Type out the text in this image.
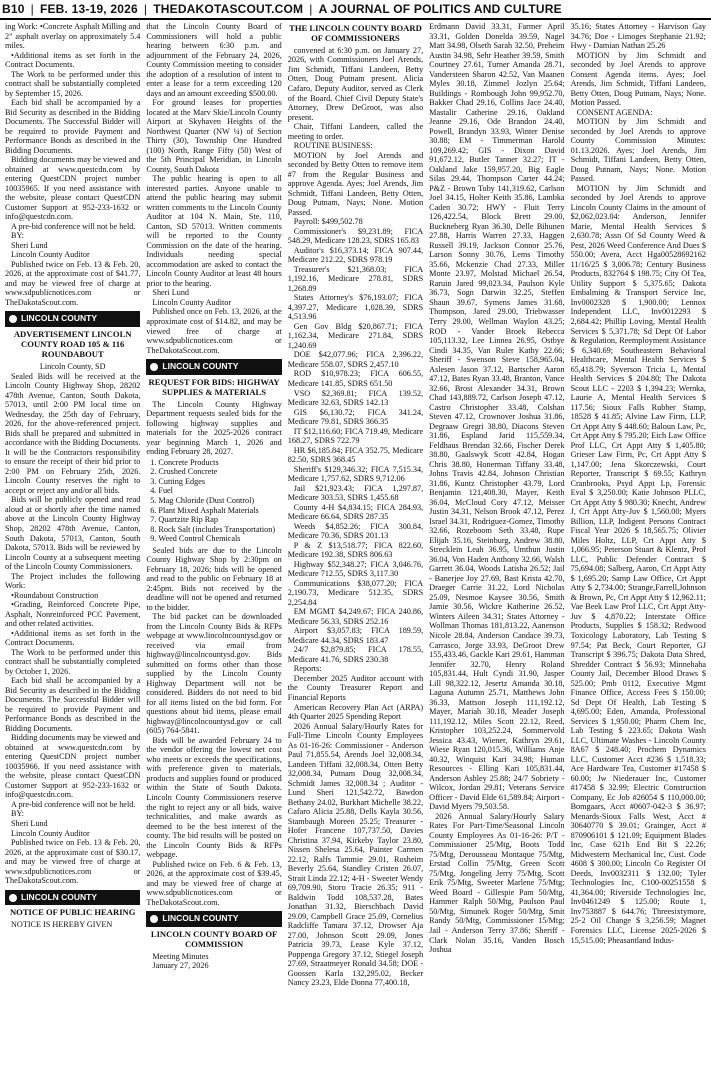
B10 | FEB. 13-19, 2026 | THEDAKOTASCOUT.COM | A JOURNAL OF POLITICS AND CULTURE

ing Work: •Concrete Asphalt Milling and 2" asphalt overlay on approximately 5.4 miles.

•Additional items as set forth in the Contract Documents.

The Work to be performed under this contract shall be substantially completed by September 15, 2026.

Each bid shall be accompanied by a Bid Security as described in the Bidding Documents. The Successful Bidder will be required to provide Payment and Performance Bonds as described in the Bidding Documents.

Bidding documents may be viewed and obtained at www.questcdn.com by entering QuestCDN project number 10035965. If you need assistance with the website, please contact QuestCDN Customer Support at 952-233-1632 or info@questcdn.com.

A pre-bid conference will not be held.

BY:

Sheri Lund

Lincoln County Auditor

Published twice on Feb. 13 & Feb. 20, 2026, at the approximate cost of $41.77, and may be viewed free of charge at www.sdpublicnotices.com or TheDakotaScout.com.

LINCOLN COUNTY
ADVERTISEMENT LINCOLN COUNTY ROAD 105 & 116 ROUNDABOUT

Lincoln County, SD

Sealed Bids will be received at the Lincoln County Highway Shop, 28202 478th Avenue, Canton, South Dakota, 57013, until 2:00 PM local time on Wednesday, the 25th day of February, 2026, for the above-referenced project. Bids shall be prepared and submitted in accordance with the Bidding Documents. It will be the Contractors responsibility to ensure the receipt of their bid prior to 2:00 PM on February 25th, 2026. Lincoln County reserves the right to accept or reject any and/or all bids.

Bids will be publicly opened and read aloud at or shortly after the time named above at the Lincoln County Highway Shop, 28202 478th Avenue, Canton, South Dakota, 57013, Canton, South Dakota, 57013. Bids will be reviewed by Lincoln County at a subsequent meeting of the Lincoln County Commissioners.

The Project includes the following Work:

•Roundabout Construction

•Grading, Reinforced Concrete Pipe, Asphalt, Nonreinforced PCC Pavement, and other related activities.

•Additional items as set forth in the Contract Documents.

The Work to be performed under this contract shall be substantially completed by October 1, 2026.

Each bid shall be accompanied by a Bid Security as described in the Bidding Documents. The Successful Bidder will be required to provide Payment and Performance Bonds as described in the Bidding Documents.

Bidding documents may be viewed and obtained at www.questcdn.com by entering QuestCDN project number 10035966. If you need assistance with the website, please contact QuestCDN Customer Support at 952-233-1632 or info@questcdn.com.

A pre-bid conference will not be held.

BY:

Sheri Lund

Lincoln County Auditor

Published twice on Feb. 13 & Feb. 20, 2026, at the approximate cost of $30.17, and may be viewed free of charge at www.sdpublicnotices.com or TheDakotaScout.com.

LINCOLN COUNTY
NOTICE OF PUBLIC HEARING

NOTICE IS HEREBY GIVEN

that the Lincoln County Board of Commissioners will hold a public hearing between 6:30 p.m. and adjournment of the February 24, 2026, County Commission meeting to consider the adoption of a resolution of intent to enter a lease for a term exceeding 120 days and an amount exceeding $500.00.

For ground leases for properties located at the Marv Skie/Lincoln County Airport at Skyhaven Heights of the Northwest Quarter (NW ¼) of Section Thirty (30), Township One Hundred (100) North, Range Fifty (50) West of the 5th Principal Meridian, in Lincoln County, South Dakota

The public hearing is open to all interested parties. Anyone unable to attend the public hearing may submit written comments to the Lincoln County Auditor at 104 N. Main, Ste. 110, Canton, SD 57013. Written comments will be reported to the County Commission on the date of the hearing. Individuals needing special accommodation are asked to contact the Lincoln County Auditor at least 48 hours prior to the hearing.

Sheri Lund

Lincoln County Auditor

Published once on Feb. 13, 2026, at the approximate cost of $14.82, and may be viewed free of charge at www.sdpublicnotices.com or TheDakotaScout.com.

LINCOLN COUNTY
REQUEST FOR BIDS: HIGHWAY SUPPLIES & MATERIALS

The Lincoln County Highway Department requests sealed bids for the following highway supplies and materials for the 2025-2026 contract year beginning March 1, 2026 and ending February 28, 2027.

1. Concrete Products
2. Crushed Concrete
3. Cutting Edges
4. Fuel
5. Mag Chloride (Dust Control)
6. Plant Mixed Asphalt Materials
7. Quartzite Rip Rap
8. Rock Salt (includes Transportation)
9. Weed Control Chemicals

Sealed bids are due to the Lincoln County Highway Shop by 2:30pm on February 18, 2026; bids will be opened and read to the public on February 18 at 2:45pm. Bids not received by the deadline will not be opened and returned to the bidder.

The bid packet can be downloaded from the Lincoln County Bids & RFPs webpage at www.lincolncountysd.gov or received via email from highway@lincolncountysd.gov. Bids submitted on forms other than those supplied by the Lincoln County Highway Department will not be considered. Bidders do not need to bid for all items listed on the bid form. For questions about bid items, please email highway@lincolncountysd.gov or call (605) 764-5841.

Bids will be awarded February 24 to the vendor offering the lowest net cost who meets or exceeds the specifications, with preference given to materials, products and supplies found or produced within the State of South Dakota. Lincoln County Commissioners reserve the right to reject any or all bids, waive technicalities, and make awards as deemed to be the best interest of the county. The bid results will be posted on the Lincoln County Bids & RFPs webpage.

Published twice on Feb. 6 & Feb. 13, 2026, at the approximate cost of $39.45, and may be viewed free of charge at www.sdpublicnotices.com or TheDakotaScout.com.

LINCOLN COUNTY
LINCOLN COUNTY BOARD OF COMMISSION

Meeting Minutes

January 27, 2026

THE LINCOLN COUNTY BOARD OF COMMISSIONERS

convened at 6:30 p.m. on January 27, 2026, with Commissioners Joel Arends, Jim Schmidt, Tiffani Landeen, Betty Otten, Doug Putnam present. Alicia Cafaro, Deputy Auditor, served as Clerk of the Board. Chief Civil Deputy State's Attorney, Drew DeGroot, was also present.

Chair, Tiffani Landeen, called the meeting to order.

ROUTINE BUSINESS:

MOTION by Joel Arends and seconded by Betty Otten to remove item #7 from the Regular Business and approve Agenda. Ayes; Joel Arends, Jim Schmidt, Tiffani Landeen, Betty Otten, Doug Putnam, Nays; None. Motion Passed.

Payroll: $499,502.78

Commissioner's $9,231.89; FICA 548.29, Medicare 128.23, SDRS 165.83

Auditor's $16,373.14; FICA 907.44, Medicare 212.22, SDRS 978.19

Treasurer's $21,368.03; FICA 1,192.16, Medicare 278.81, SDRS 1,268.89

States Attorney's $76,193.07; FICA 4,397.27, Medicare 1,028.39, SDRS 4,513.96

Gen Gov Bldg $20,867.71; FICA 1,162.34, Medicare 271.84, SDRS 1,240.69

DOE $42,077.96; FICA 2,396.22, Medicare 558.07, SDRS 2,457.10

ROD $10,978.23; FICA 606.55, Medicare 141.85, SDRS 651.50

VSO $2,369.81; FICA 139.52, Medicare 32.63, SDRS 142.13

GIS $6,130.72; FICA 341.24, Medicare 79.81, SDRS 366.35

IT $12,116.60; FICA 719.49, Medicare 168.27, SDRS 722.79

HR $6,185.84; FICA 352.75, Medicare 82.50, SDRS 368.45

Sheriff's $129,346.32; FICA 7,515.34, Medicare 1,757.62, SDRS 9,712.06

Jail $21,923.43; FICA 1,297.87, Medicare 303.53, SDRS 1,455.68

County 4-H $4,834.15; FICA 284.93, Medicare 66.64, SDRS 287.35

Weeds $4,852.26; FICA 300.84, Medicare 70.36, SDRS 201.13

P & Z $13,518.77; FICA 822.60, Medicare 192.38, SDRS 806.63

Highway $52,348.27; FICA 3,046.76, Medicare 712.55, SDRS 3,117.30

Communications $38,077.20; FICA 2,190.73, Medicare 512.35, SDRS 2,254.84

EM MGMT $4,249.67; FICA 240.86, Medicare 56.33, SDRS 252.16

Airport $3,057.83; FICA 189.59, Medicare 44.34, SDRS 183.47

24/7 $2,879.85; FICA 178.55, Medicare 41.76, SDRS 230.38

Reports:

December 2025 Auditor account with the County Treasurer Report and Financial Reports

American Recovery Plan Act (ARPA) 4th Quarter 2025 Spending Report

2026 Annual Salary/Hourly Rates for Full-Time Lincoln County Employees As 01-16-26: Commissioner - Anderson Paul 71,855.54, Arends Joel 32,008.34, Landeen Tiffani 32,008.34, Otten Betty 32,008.34, Putnam Doug 32,008.34, Schmidt James 32,008.34 ; Auditor - Lund Sheri 121,542.72, Bawdon Bethany 24.02, Burkhart Michelle 38.22, Cafaro Alicia 25.88, Dells Kayla 30.56, Stambaugh Moreen 25.25; Treasurer - Hofer Francene 107,737.50, Davies Christina 37.94, Kirkeby Taylor 23.80, Nissen Shelesa 25.64, Painter Carmen 22.12, Ralfs Tammie 29.01, Rosheim Beverly 25.64, Standley Cristen 26.07, Strait Linda 22.12; 4-H - Sweeter Wendy 69,709.90, Storo Tracie 26.35; 911 - Baldwin Todd 108,537.28, Bates Jonathan 31.32, Bierschbach David 29.09, Campbell Grace 25.09, Cornelius Radcliffe Tamara 37.12, Drowser Aja 27.00, Johnson Scott 29.09, Jones Patricia 39.73, Lease Kyle 37.12, Poppenga Gregory 37.12, Stiegel Joseph 27.69, Straatmeyer Ronald 34.58; DOE - Goossen Karla 132,295.02, Becker Nancy 23.23, Elde Donna 77,400.18,

Erdmann David 33.31, Farmer April 33.31, Golden Donelda 39.59, Nagel Matt 34.98, Olseth Sarah 32.50, Preheim Austin 34.98, Sehr Heather 39.59, Smith Courtney 27.61, Turner Amanda 28.71, Vandersteen Sharon 42.52, Van Maanen Myles 30.18, Zimmel Jozlyn 25.64; Buildings - Rombough John 99,952.70, Bakker Chad 29.16, Collins Jace 24.40, Mastalir Catherine 29.16, Oakland Jeanne 29.16, Ode Brandon 24.40, Powell, Brandyn 33.93, Winter Denise 30.88; EM - Timmerman Harold 109,269.42; GIS - Dixon David 91,672.12, Butler Tanner 32.27; IT - Oakland Jake 159,957.20, Big Eagle Silas 29.44, Thompson Carter 44.24; P&Z - Brown Toby 141,319.62, Carlson Joel 34.15, Holter Keith 35.86, Lambka Caden 30.72; HWY - Fluit Terry 126,422.54, Block Brett 29.00, Buckneberg Ryan 36.30, Delle Bihunen 27.88, Harris Warren 27.33, Haggen Russell 39.19, Jackson Connor 25.76, Larson Sonny 30.76, Lems Timothy 35.66, Mckenzie Chad 27.33, Miller Monte 23.97, Molstad Michael 26.54, Raruin Jared 99,023.34, Paulson Kyle 36.73, Sogn Darwin 32.25, Steffen Shaun 39.67, Symens James 31.68, Thompson, Jared 29.00, Triebwasser Terry 29.00, Wellman Waylon 43.25; ROD - Vander Broek Rebecca 105,113.32, Lee Linnea 26.95, Ostbye Cindi 34.35, Van Ruler Kathy 22.66; Sheriff - Swenson Steve 158,965.04, Aslesen Jason 37.12, Bartscher Aaron 47.12, Bates Ryan 33.48, Branton, Vance 32.66, Brost Alexander 34.31, Brown Chad 143,889.72, Carlson Joseph 47.12, Castro Christopher 33.48, Colshan Steven 47.12, Crownover Joshua 31.86, Degraaw Gregri 38.80, Diacons Steven 31.86, Espland Jarid 115,559.34, Feldhaus Brendan 32.66, Fischer Derek 38.80, Gaalswyk Scott 42.84, Hogan Chris 38.80, Honerman Tiffany 33.48, Johns Travis 42.84, Johnson Christian 31.86, Kuntz Christopher 43.79, Lord Benjamin 121,408.30, Mayer, Keith 36.04, McCloud Cory 47.12, Meisser Justin 34.31, Nelson Brook 47.12, Perez Israel 34.31, Rodriguez-Gomez, Timothy 32.66, Rozeboom Seth 33.48, Rupe Elijah 35.16, Steinburg, Andrew 38.80, Strecklein Leah 36.95, Umthun Justin 36.04, Von Haden Anthony 32.66, Walsh Garrett 36.04, Woods Latisha 26.52; Jail - Banerjee Joy 27.69, Bast Krista 42.70, Draeger Carrie 31.22, Lord Nicholas 25.09, Nesmoe Kaysee 30.56, Smith Jamie 30.56, Wickre Katherine 26.52, Winters Aileen 34.31; States Attorney - Wollman Thomas 181,813.22, Aanenson Nicole 28.84, Anderson Candace 39.73, Carrasco, Jorge 33.93, DeGroot Drew 155,433.46, Gackle Kari 29.61, Hamman Jennifer 32.70, Henry Roland 105,831.44, Hult Cyndi 31.90, Jasper Lill 98,322.12, Jesertz Amanda 30.18, Laguna Autumn 25.71, Matthews John 36.33, Mattson Joseph 111,192.12, Mayer, Mariah 30.18, Meader Joseph 111,192.12, Miles Scott 22.12, Reed, Kristopher 103,252.24, Sommervold Jessica 43.43, Wiener, Kathryn 29.61, Wiese Ryan 120,015.36, Williams Anje 40.32, Winquist Kari 34.98; Human Resources - Elling Kari 105,831.44, Anderson Ashley 25.88; 24/7 Sobriety - Wilcox, Jordan 29.81; Veterans Service Officer - David Elde 61,589.84; Airport - David Myers 79,503.58.

2026 Annual Salary/Hourly Salary Rates For Part-Time/Seasonal Lincoln County Employees As 01-16-26: P/T - Commissioner 25/Mtg, Boots Todd 75/Mtg, Derousseau Montaque 75/Mtg, Erstad Collin 75/Mtg, Green Scott 75/Mtg, Jongeling Jerry 75/Mtg, Scott Erik 75/Mtg, Sweeter Marlene 75/Mtg; Weed Board - Gillespie Pam 50/Mtg, Hammer Ralph 50/Mtg, Paulson Paul 50/Mtg, Simunek Roger 50/Mtg, Smit Randy 50/Mtg, Commissioner 15/Mtg; Jail - Anderson Terry 37.86; Sheriff - Clark Nolan 35.16, Vanden Bosch Joshua

35.16; States Attorney - Harvison Gay 34.76; Doe - Limoges Stephanie 21.92; Hwy - Damian Nathan 25.26

MOTION by Jim Schmidt and seconded by Joel Arends to approve Consent Agenda items. Ayes; Joel Arends, Jim Schmidt, Tiffani Landeen, Betty Otten, Doug Putnam, Nays; None. Motion Passed.

CONSENT AGENDA:

MOTION by Jim Schmidt and seconded by Joel Arends to approve County Commission Minutes: 01.13.2026. Ayes; Joel Arends, Jim Schmidt, Tiffani Landeen, Betty Otten, Doug Putnam, Nays; None. Motion Passed.

MOTION by Jim Schmidt and seconded by Joel Arends to approve Lincoln County Claims in the amount of $2,062,023.04: Anderson, Jennifer Marie, Mental Health Services $ 2,630.78; Assn Of Sd County Weed & Pest, 2026 Weed Conference And Dues $ 550.00; Avera, Acct Hga00528692162 11/16/25 $ 3,006.78; Century Business Products, 832764 $ 198.75; City Of Tea, Utility Support $ 5,375.65; Dakota Embalming & Transport Service Inc, Inv0002328 $ 1,900.00; Lennox Independent LLC, Inv0012293 $ 2,684.42; Phillip Loving, Mental Health Services $ 5,371.78; Sd Dept Of Labor & Regulation, Reemployment Assistance $ 6,340.69; Southeastern Behavioral Healthcare, Mental Health Services $ 65,418.79; Syverson Tricia L, Mental Health Services $ 204.80; The Dakota Scout LLC - 2203 $ 1,394.23; Wernka, Laurie A, Mental Health Services $ 117.56; Sioux Falls Rubber Stamp, 18528 $ 41.85; Alvine Law Firm, LLP, Crt Appt Atty $ 448.60; Baloun Law, Pc, Crt Appt Atty $ 795.20; Eich Law Office Prof LLC, Crt Appt Atty $ 1,405.80; Grieser Law Firm, Pc, Crt Appt Atty $ 1,147.00; Jena Skorczewski, Court Reporter, Transcript $ 69.55; Kathryn Cranbrooks, Psyd Appt Lp, Forensic Eval $ 3,250.00; Katie Johnson PLLC, Crt Appt Atty $ 980.30; Knecht, Andrew J, Crt Appt Atty-Juv $ 1,560.00; Myers Billion, LLP, Indigent Persons Contract Fiscal Year 2026 $ 18,565.75; Olivier Miles Holtz, LLP, Crt Appt Atty $ 1,066.95; Peterson Stuart & Klentz, Prof LLC, Public Defender Contract $ 75,694.08; Salberg, Aaron, Crt Appt Atty $ 1,695.20; Samp Law Office, Crt Appt Atty $ 2,734.00; Strange,Farrell,Johnson & Brown, Pc, Crt Appt Atty $ 12,962.11; Vae Beek Law Prof LLC, Crt Appt Atty-Juv $ 4,870.22; Interstate Office Products, Supplies $ 158.32; Redwood Toxicology Laboratory, Lab Testing $ 97.54; Pat Beck, Court Reporter, GJ Transcript $ 396.75; Dakota Data Shred, Shredder Contract $ 56.93; Minnehaha County Jail, December Blood Draws $ 525.00; Pmb 0112, Executive Mgmt Finance Office, Access Fees $ 150.00; Sd Dept Of Health, Lab Testing $ 4,695.00; Eden, Amanda, Professional Services $ 1,950.00; Pharm Chem Inc, Lab Testing $ 223.65; Dakota Wash LLC, Ultimate Washes - Lincoln County 8A67 $ 248.40; Prochem Dynamics LLC, Customer Acct #236 $ 1,518.33; Ace Hardware Tea, Customer #17458 $ 60.00; Jw Niederauer Inc, Customer #17458 $ 32.99; Electric Construction Company, Ec Job #26054 $ 110,000.00; Bomgaars, Acct #0607-042-3 $ 36.97; Menards-Sioux Falls West, Acct # 30640770 $ 39.01; Grainger, Acct # 870906101 $ 121.09; Equipment Blades Inc, Case 621b End Bit $ 22.26; Midwestern Mechanical Inc, Cust. Code 4608 $ 300.00; Lincoln Co Register Of Deeds, Inv0032311 $ 132.00; Tyler Technologies Inc, C100-00251558 $ 41,364.00; Riverside Technologies Inc, Inv0461249 $ 125.00; Route 1, Inv753887 $ 644.76; Threesixtymore, 25-2 Oil Change $ 3,256.59; Magnet Forensics LLC, License 2025-2026 $ 15,515.00; Pheasantland Indus-
